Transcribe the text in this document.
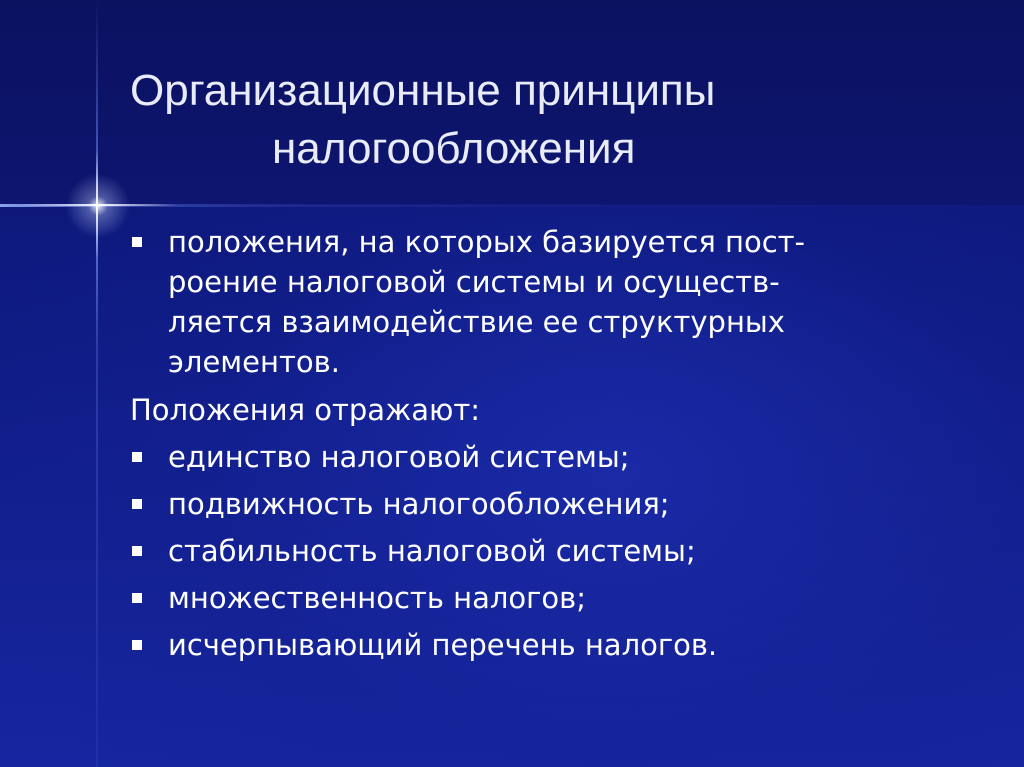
Организационные принципы
налогообложения
положения, на которых базируется пост-
роение налоговой системы и осуществ-
ляется взаимодействие ее структурных
элементов.
Положения отражают:
единство налоговой системы;
подвижность налогообложения;
стабильность налоговой системы;
множественность налогов;
исчерпывающий перечень налогов.
